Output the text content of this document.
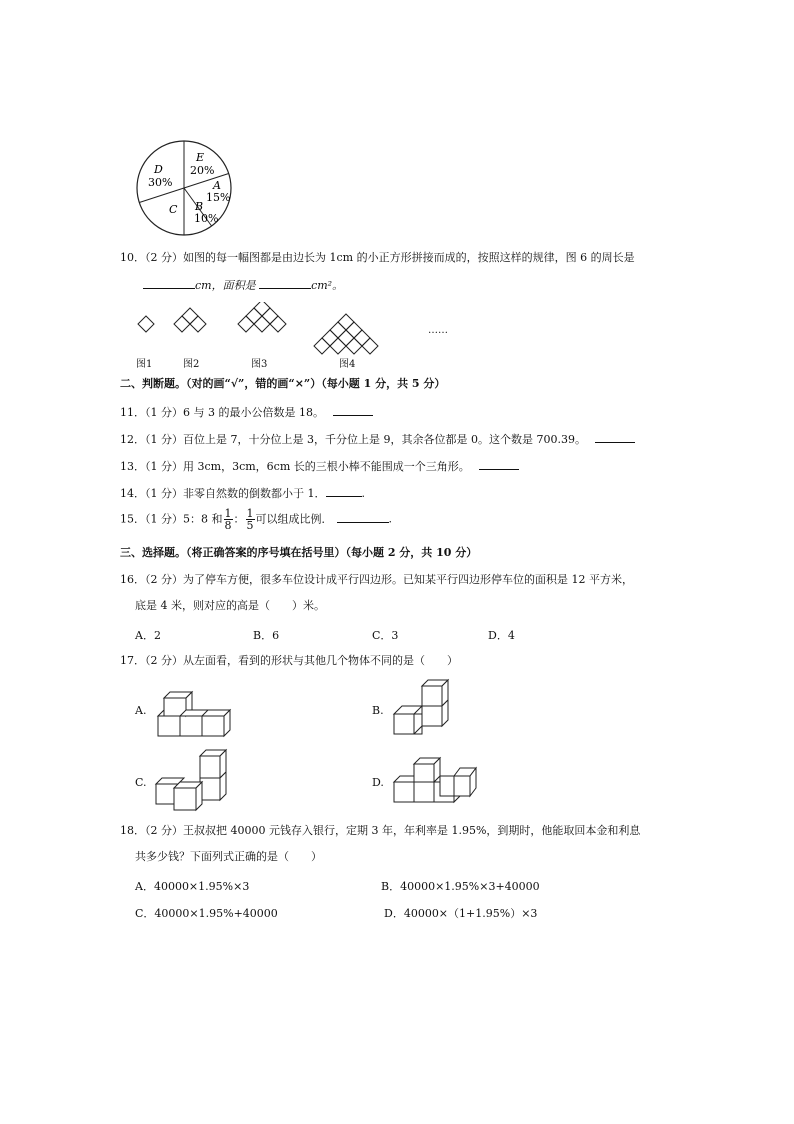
E
20%
A
15%
B
10%
C
D
30%
10．（2 分）如图的每一幅图都是由边长为 1cm 的小正方形拼接而成的，按照这样的规律，图 6 的周长是
cm，面积是	cm²。
图1	图2	图3	图4
……
二、判断题。（对的画“√”，错的画“×”）（每小题 1 分，共 5 分）
11．（1 分）6 与 3 的最小公倍数是 18。
12．（1 分）百位上是 7，十分位上是 3，千分位上是 9，其余各位都是 0。这个数是 700.39。
13．（1 分）用 3cm，3cm，6cm 长的三根小棒不能围成一个三角形。
14．（1 分）非零自然数的倒数都小于 1．	.
15．（1 分）5：8 和 $\frac{1}{8}$ ： $\frac{1}{5}$ 可以组成比例．	.
三、选择题。（将正确答案的序号填在括号里）（每小题 2 分，共 10 分）
16．（2 分）为了停车方便，很多车位设计成平行四边形。已知某平行四边形停车位的面积是 12 平方米，
底是 4 米，则对应的高是（　　）米。
A．2	B．6	C．3	D．4
17．（2 分）从左面看，看到的形状与其他几个物体不同的是（　　）
A.	B.
C.	D.
18．（2 分）王叔叔把 40000 元钱存入银行，定期 3 年，年利率是 1.95%，到期时，他能取回本金和利息
共多少钱？下面列式正确的是（　　）
A．40000×1.95%×3	B．40000×1.95%×3+40000
C．40000×1.95%+40000	D．40000×（1+1.95%）×3
